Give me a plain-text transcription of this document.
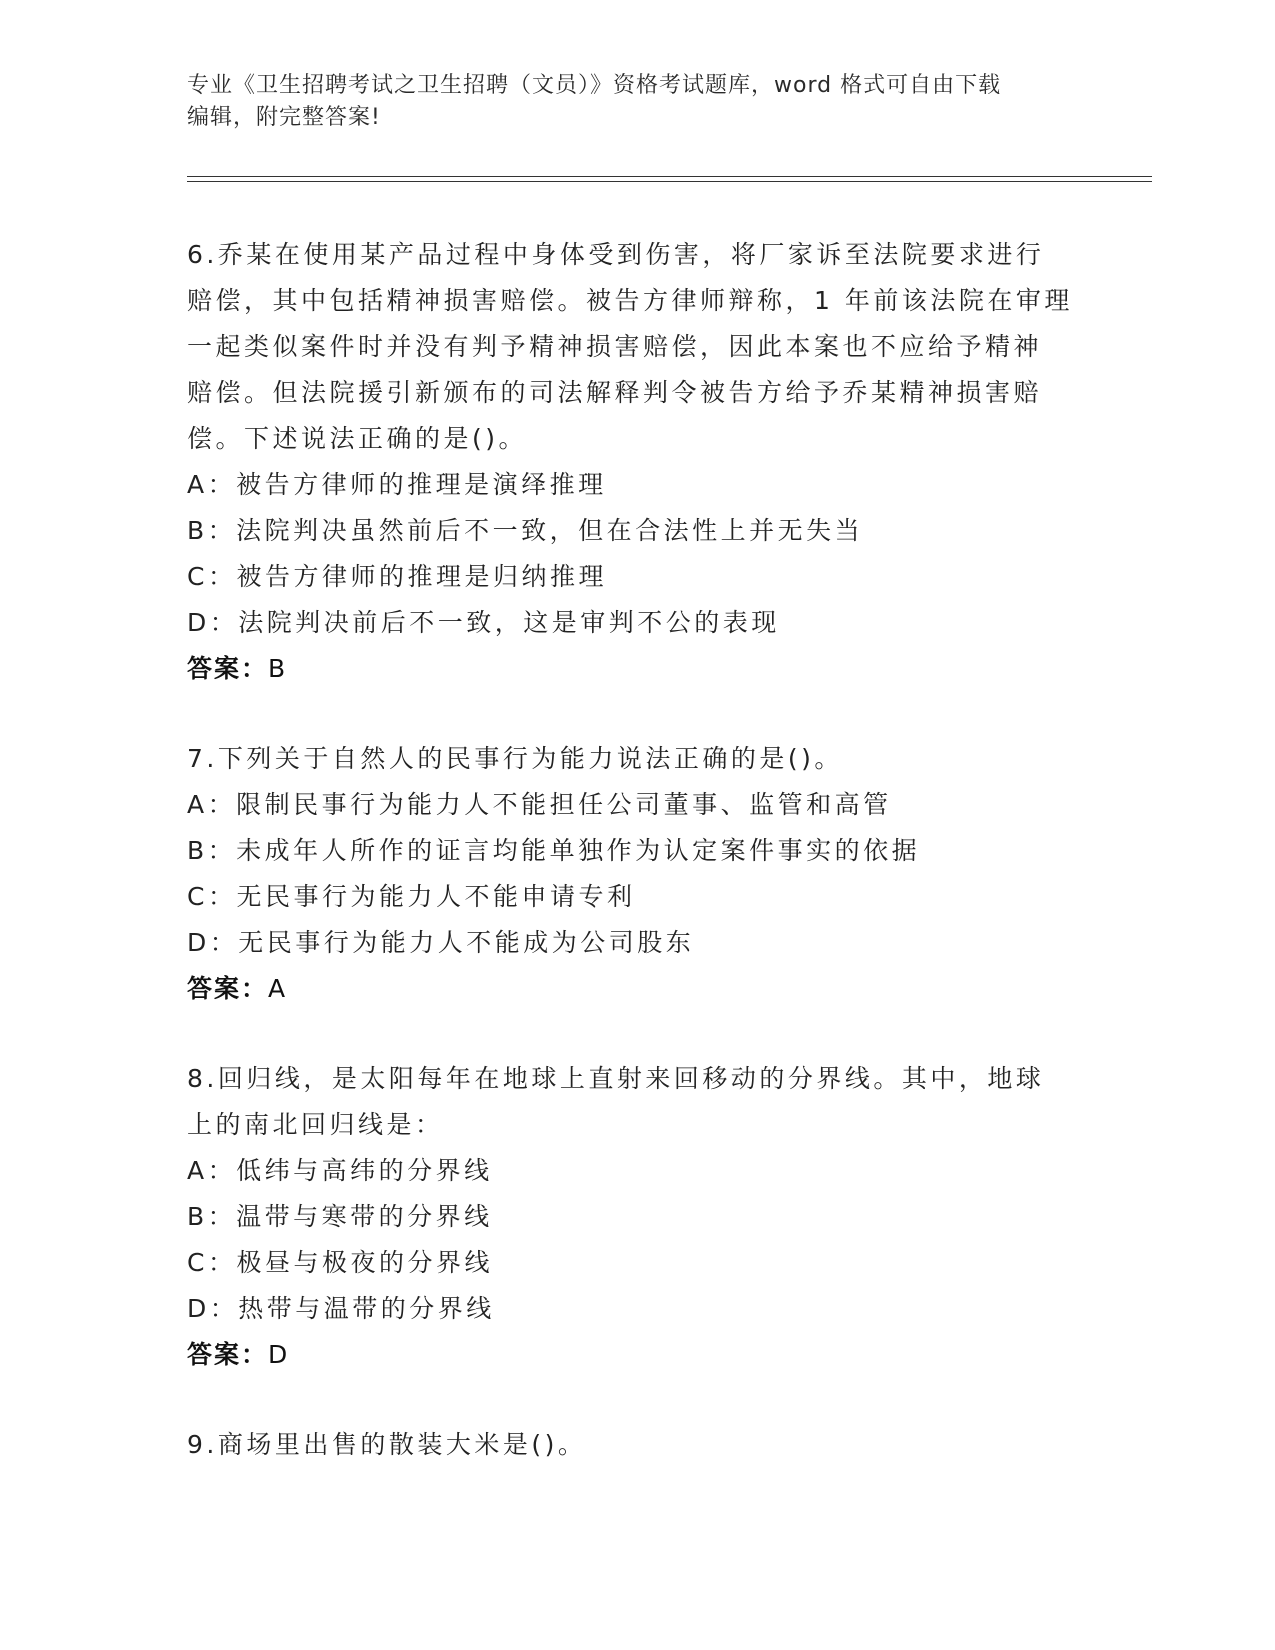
专业《卫生招聘考试之卫生招聘（文员）》资格考试题库，word 格式可自由下载
编辑，附完整答案!

6.乔某在使用某产品过程中身体受到伤害，将厂家诉至法院要求进行

赔偿，其中包括精神损害赔偿。被告方律师辩称，1 年前该法院在审理

一起类似案件时并没有判予精神损害赔偿，因此本案也不应给予精神

赔偿。但法院援引新颁布的司法解释判令被告方给予乔某精神损害赔

偿。下述说法正确的是()。

A：被告方律师的推理是演绎推理

B：法院判决虽然前后不一致，但在合法性上并无失当

C：被告方律师的推理是归纳推理

D：法院判决前后不一致，这是审判不公的表现

答案：B

7.下列关于自然人的民事行为能力说法正确的是()。

A：限制民事行为能力人不能担任公司董事、监管和高管

B：未成年人所作的证言均能单独作为认定案件事实的依据

C：无民事行为能力人不能申请专利

D：无民事行为能力人不能成为公司股东

答案：A

8.回归线，是太阳每年在地球上直射来回移动的分界线。其中，地球

上的南北回归线是：

A：低纬与高纬的分界线

B：温带与寒带的分界线

C：极昼与极夜的分界线

D：热带与温带的分界线

答案：D

9.商场里出售的散装大米是()。
